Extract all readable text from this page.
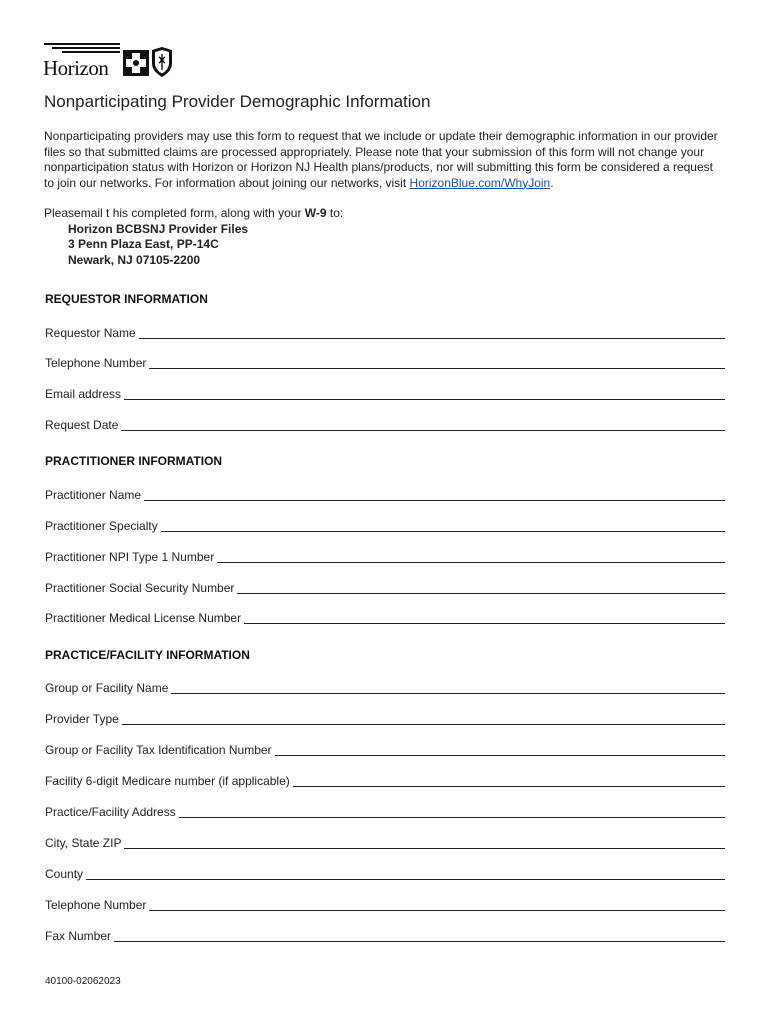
Horizon
Nonparticipating Provider Demographic Information

Nonparticipating providers may use this form to request that we include or update their demographic information in our provider files so that submitted claims are processed appropriately. Please note that your submission of this form will not change your nonparticipation status with Horizon or Horizon NJ Health plans/products, nor will submitting this form be considered a request to join our networks. For information about joining our networks, visit HorizonBlue.com/WhyJoin.

Pleasemail t his completed form, along with your W-9 to:
Horizon BCBSNJ Provider Files
3 Penn Plaza East, PP-14C
Newark, NJ 07105-2200
REQUESTOR INFORMATION
Requestor Name
Telephone Number
Email address
Request Date
PRACTITIONER INFORMATION
Practitioner Name
Practitioner Specialty
Practitioner NPI Type 1 Number
Practitioner Social Security Number
Practitioner Medical License Number
PRACTICE/FACILITY INFORMATION
Group or Facility Name
Provider Type
Group or Facility Tax Identification Number
Facility 6-digit Medicare number (if applicable)
Practice/Facility Address
City, State ZIP
County
Telephone Number
Fax Number
40100-02062023
